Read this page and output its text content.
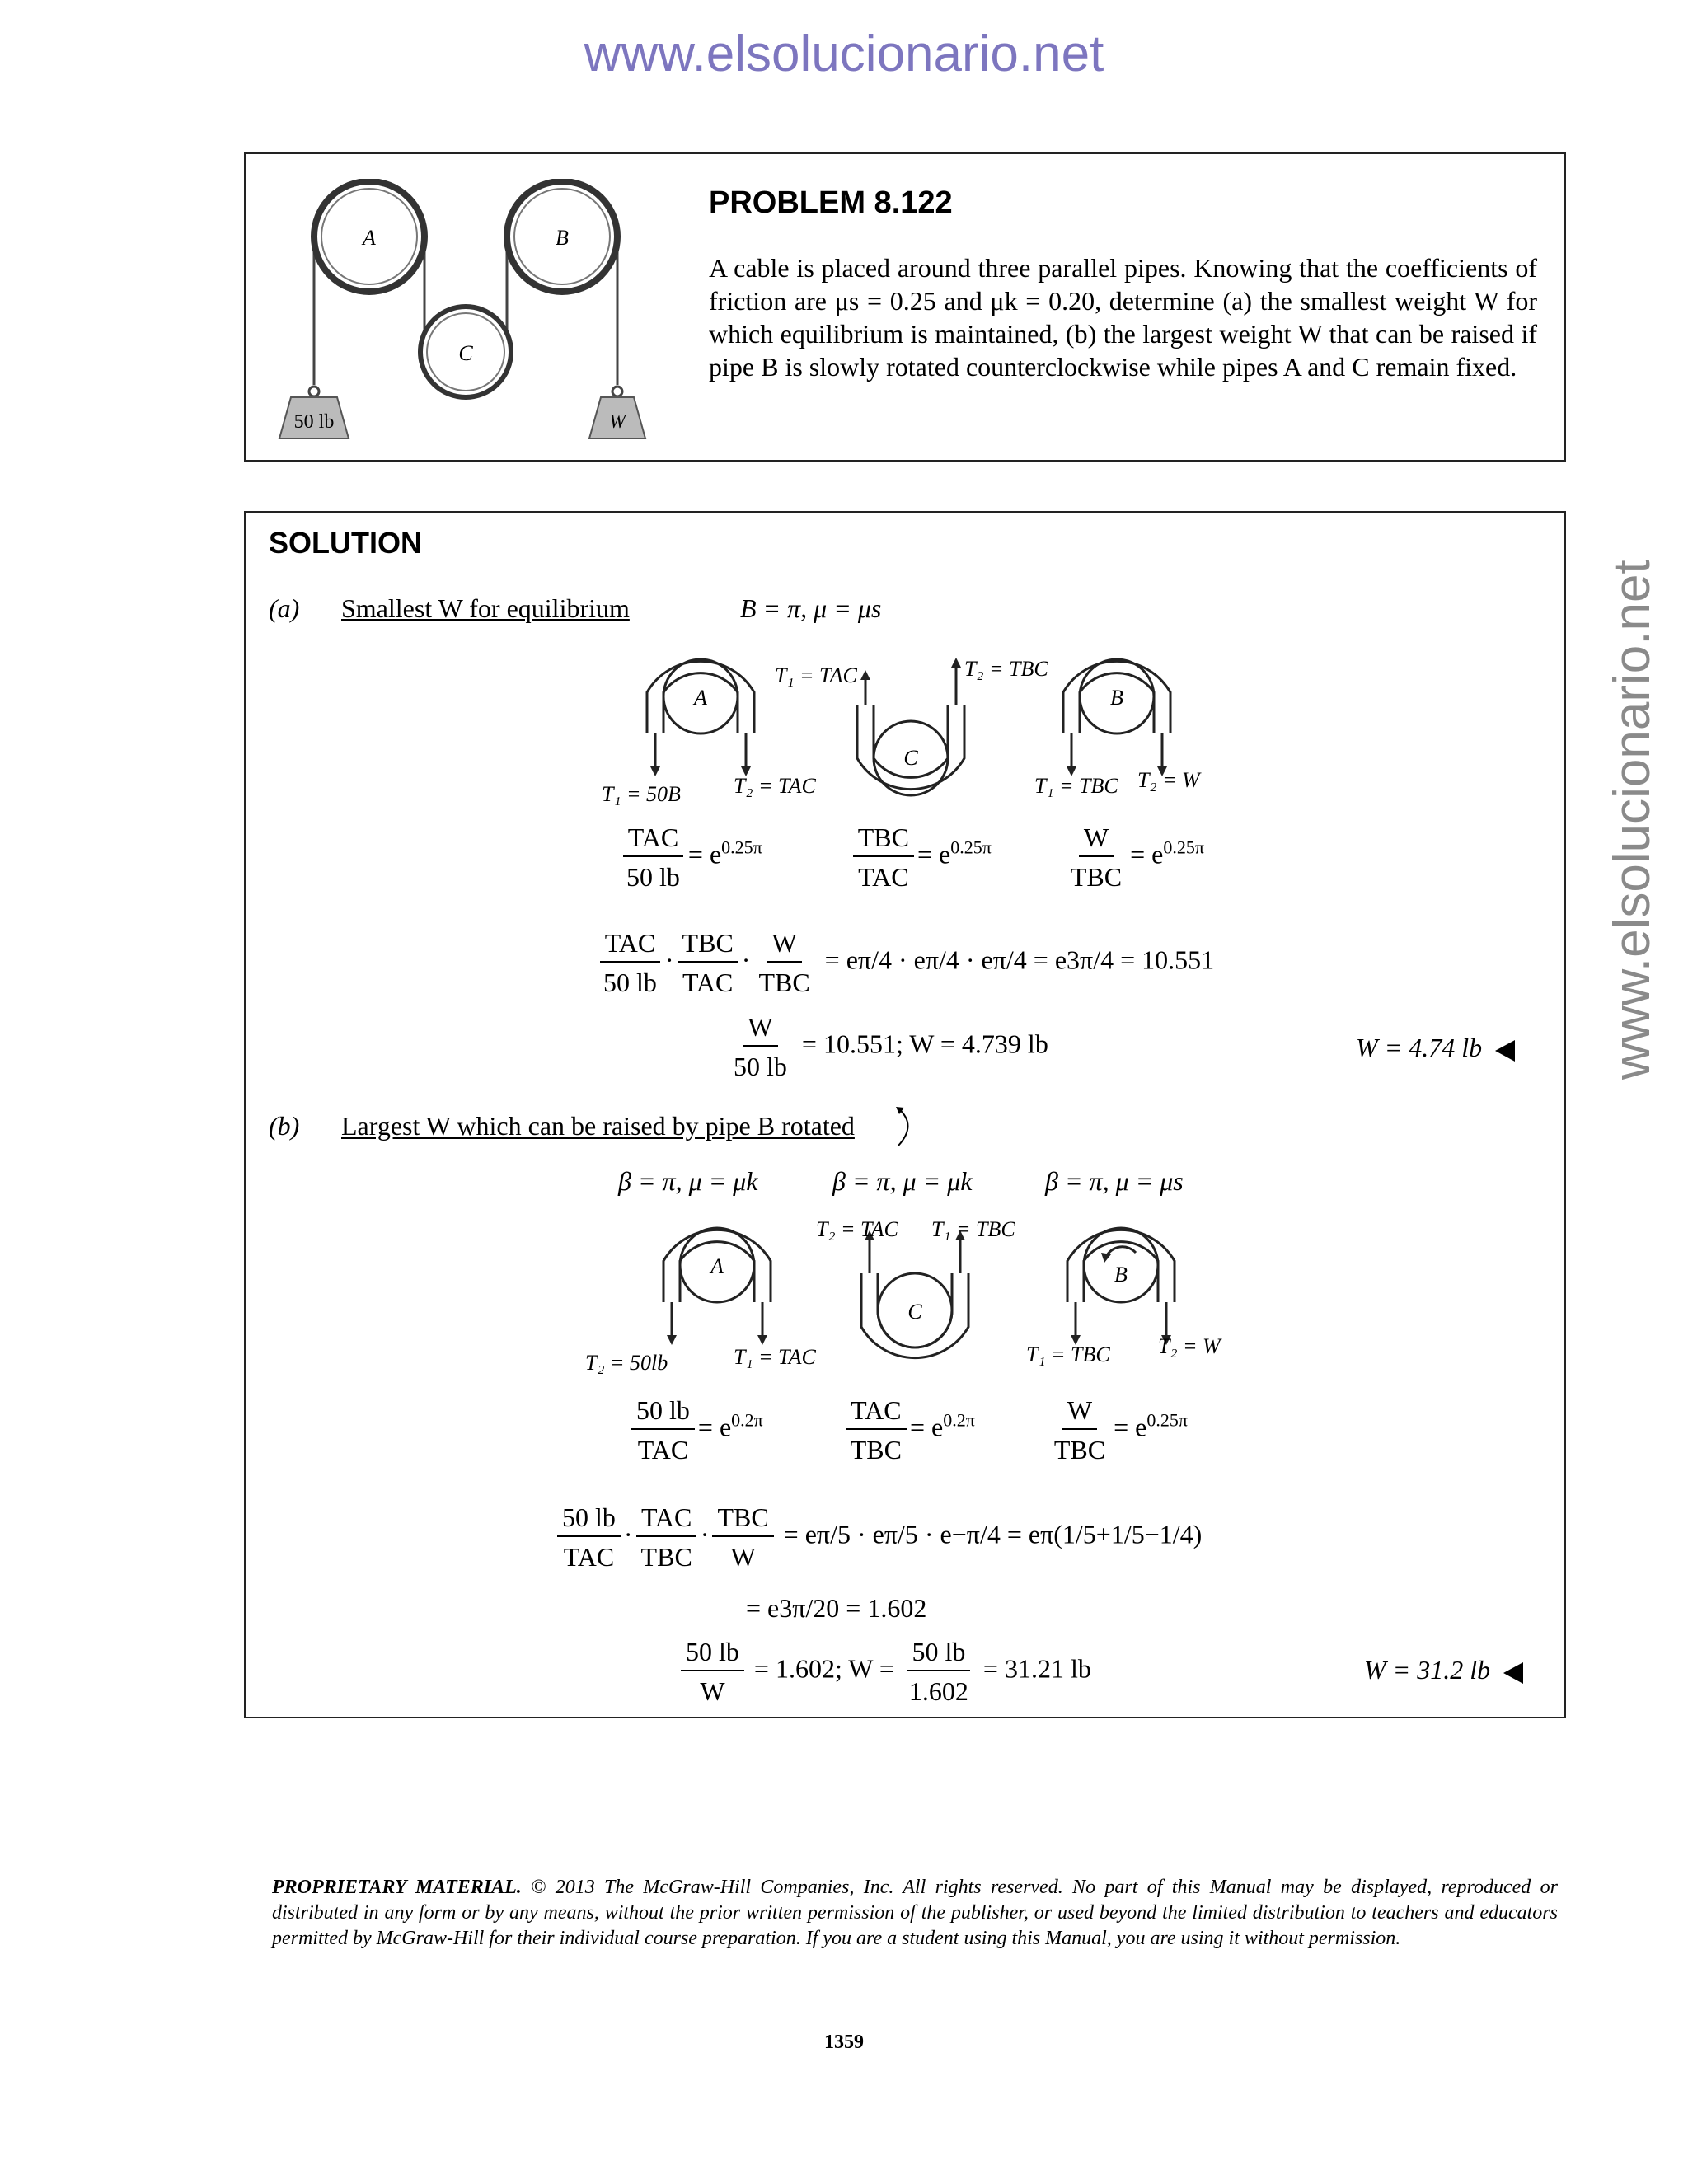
www.elsolucionario.net
www.elsolucionario.net
A	B
C
50 lb	W
PROBLEM 8.122
A cable is placed around three parallel pipes. Knowing that the coefficients of friction are μs = 0.25 and μk = 0.20, determine (a) the smallest weight W for which equilibrium is maintained, (b) the largest weight W that can be raised if pipe B is slowly rotated counterclockwise while pipes A and C remain fixed.
SOLUTION
(a) Smallest W for equilibrium	B = π, μ = μs
A
T₁ = 50B T₂ = TAC
T₁ = TAC	T₂ = TBC
C
B
T₁ = TBC T₂ = W
$\frac{\text{TAC}}{50 lb} = e^{0.25\pi}$	$\frac{\text{TBC}}{\text{TAC}} = e^{0.25\pi}$	$\frac{W}{\text{TBC}} = e^{0.25\pi}$
$\frac{\text{TAC}}{50 lb} \cdot \frac{\text{TBC}}{\text{TAC}} \cdot \frac{W}{\text{TBC}} = e\pi/4 \cdot e\pi/4 \cdot e\pi/4 = e3\pi/4 = 10.551$
$\frac{W}{50 lb} = 10.551$; W = 4.739 lb	W = 4.74 lb
(b) Largest W which can be raised by pipe B rotated
β = π, μ = μk	β = π, μ = μk	β = π, μ = μs
A
T₂ = 50lb	T₁ = TAC
T₂ = TAC T₁ = TBC
C
B
T₁ = TBC T₂ = W
$\frac{50 lb}{\text{TAC}} = e^{0.2\pi}$	$\frac{\text{TAC}}{\text{TBC}} = e^{0.2\pi}$	$\frac{W}{\text{TBC}} = e^{0.25\pi}$
$\frac{50 lb}{\text{TAC}} \cdot \frac{\text{TAC}}{\text{TBC}} \cdot \frac{\text{TBC}}{W} = e\pi/5 \cdot e\pi/5 \cdot e-\pi/4 = e\pi(1/5+1/5-1/4)$
= e3π/20 = 1.602
$\frac{50 lb}{W} = 1.602$; $W = \frac{50 lb}{1.602} = 31.21$ lb	W = 31.2 lb
PROPRIETARY MATERIAL. © 2013 The McGraw-Hill Companies, Inc. All rights reserved. No part of this Manual may be displayed, reproduced or distributed in any form or by any means, without the prior written permission of the publisher, or used beyond the limited distribution to teachers and educators permitted by McGraw-Hill for their individual course preparation. If you are a student using this Manual, you are using it without permission.
1359
